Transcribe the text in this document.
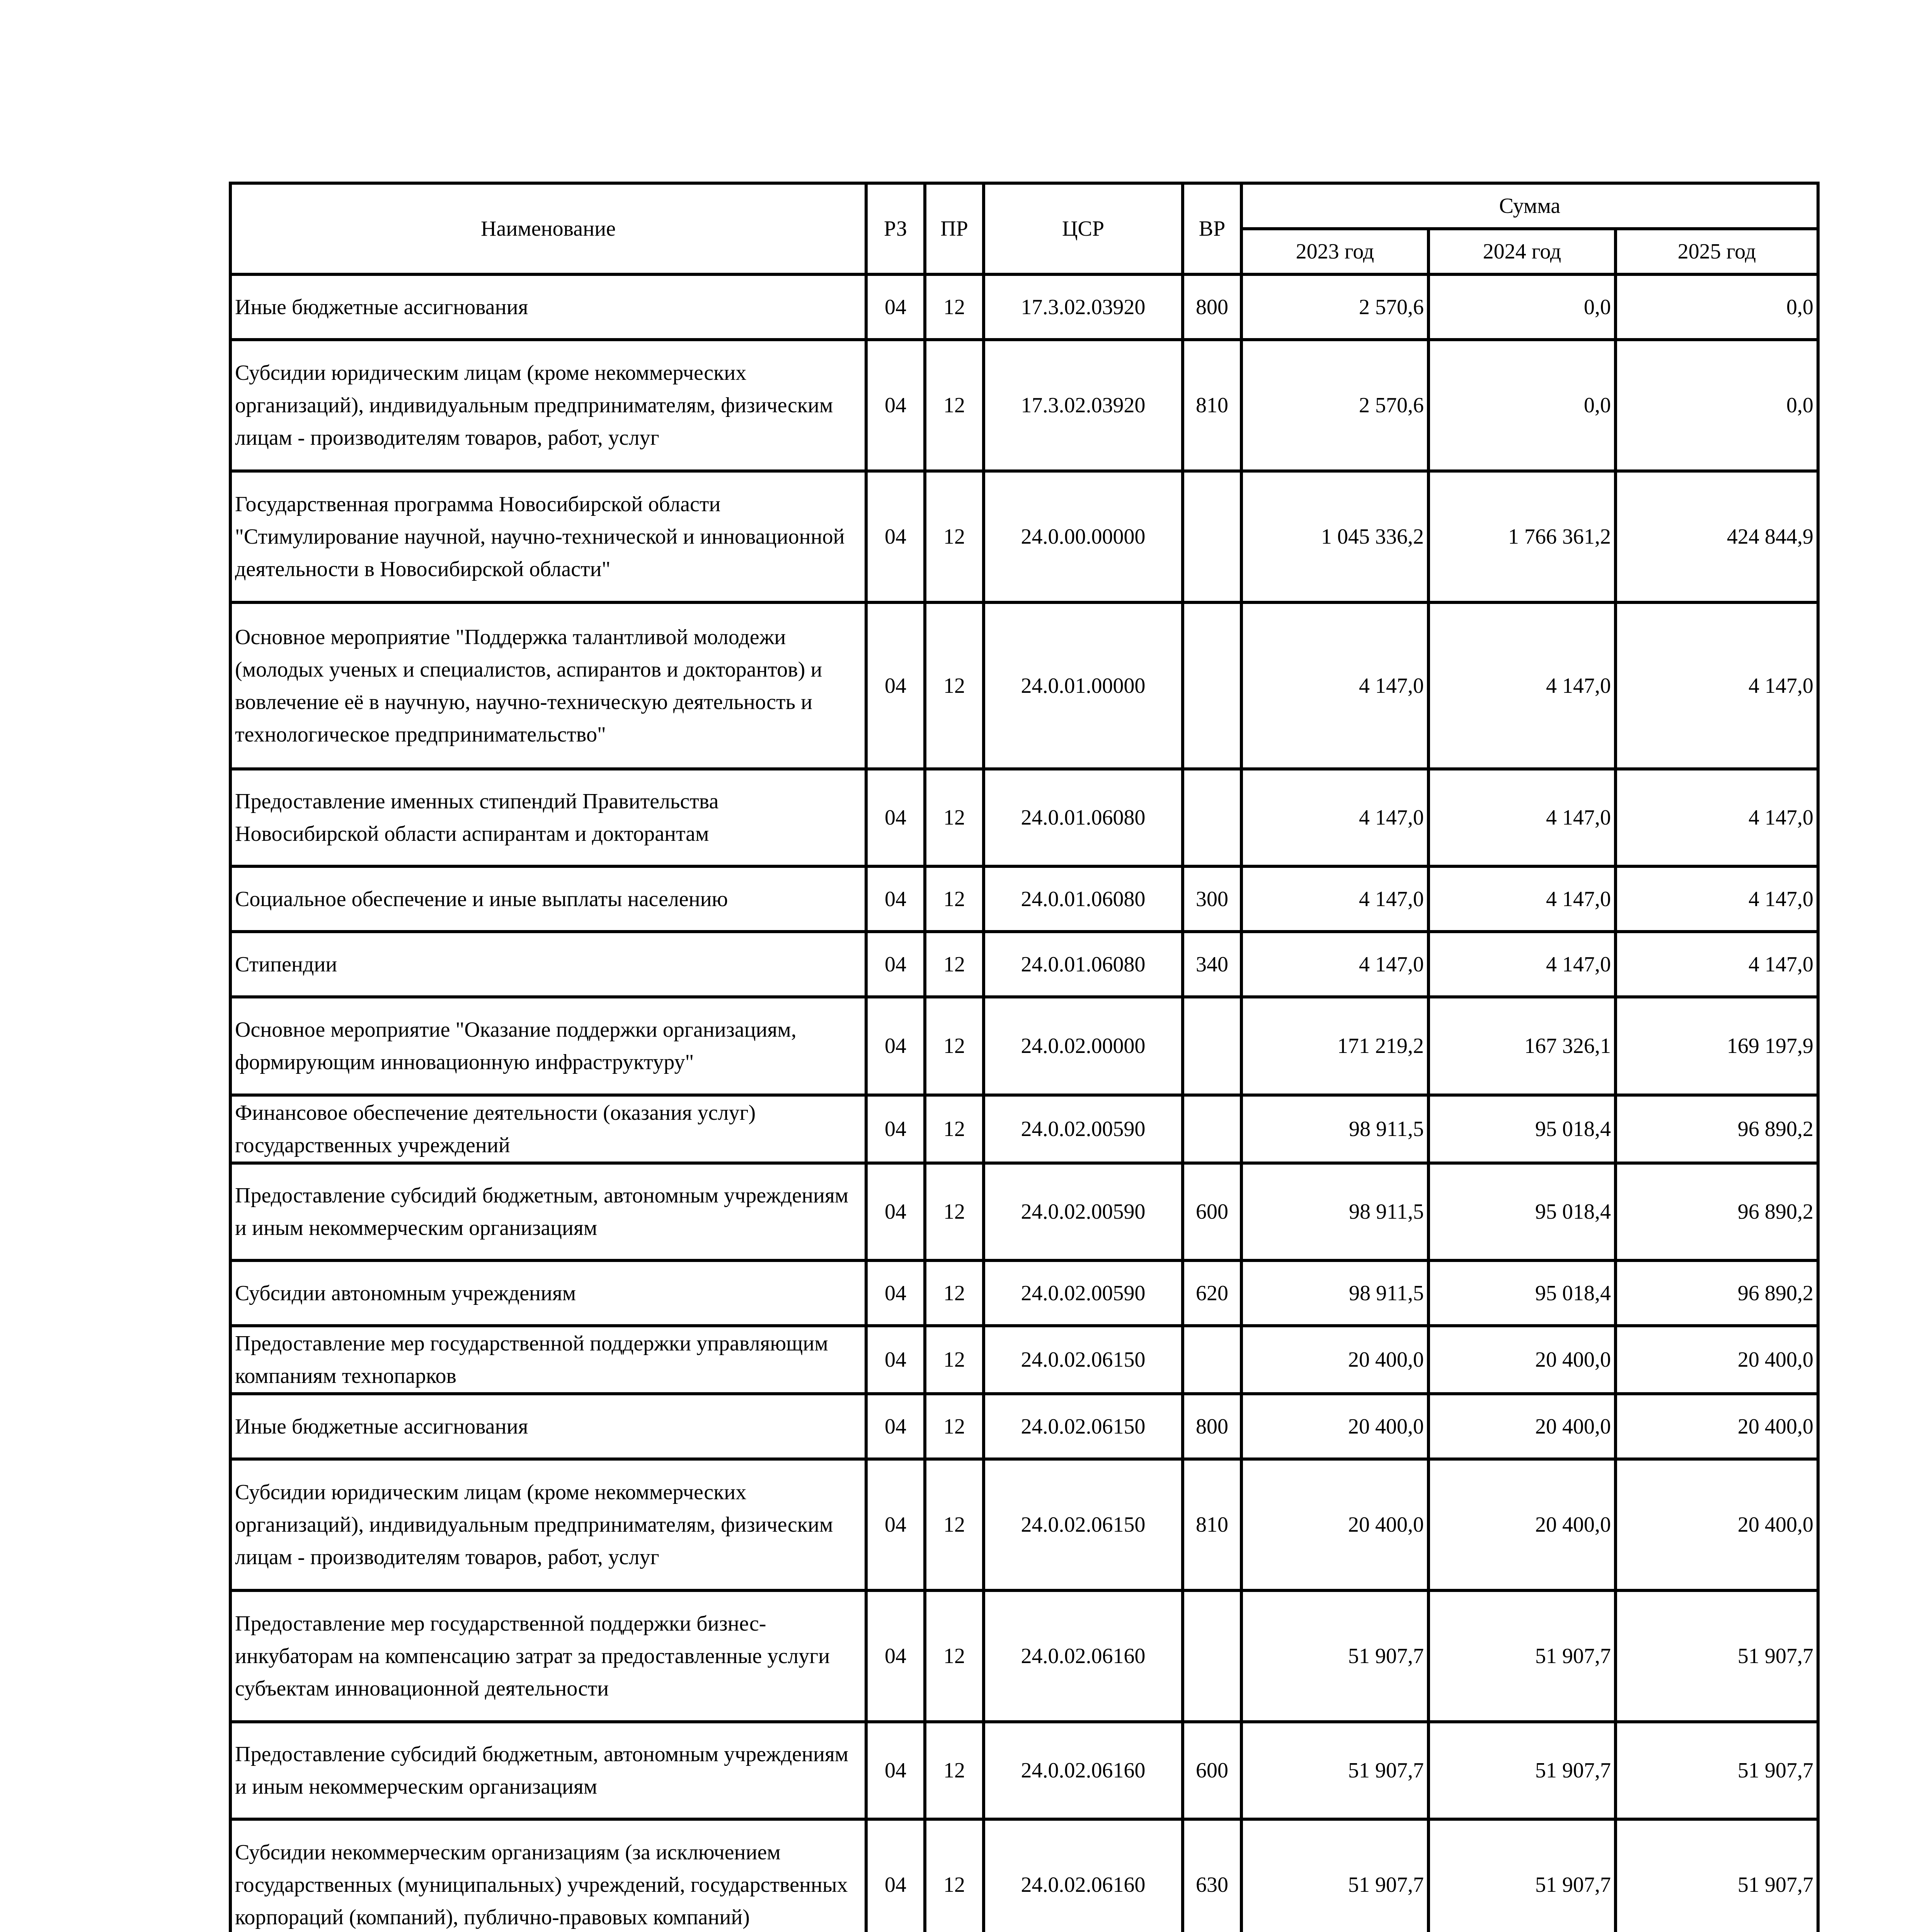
Наименование	РЗ	ПР	ЦСР	ВР	Сумма		
					2023 год	2024 год	2025 год
Иные бюджетные ассигнования	04	12	17.3.02.03920	800	2 570,6	0,0	0,0
Субсидии юридическим лицам (кроме некоммерческих организаций), индивидуальным предпринимателям, физическим лицам - производителям товаров, работ, услуг	04	12	17.3.02.03920	810	2 570,6	0,0	0,0
Государственная программа Новосибирской области "Стимулирование научной, научно-технической и инновационной деятельности в Новосибирской области"	04	12	24.0.00.00000		1 045 336,2	1 766 361,2	424 844,9
Основное мероприятие "Поддержка талантливой молодежи (молодых ученых и специалистов, аспирантов и докторантов) и вовлечение её в научную, научно-техническую деятельность и технологическое предпринимательство"	04	12	24.0.01.00000		4 147,0	4 147,0	4 147,0
Предоставление именных стипендий Правительства Новосибирской области аспирантам и докторантам	04	12	24.0.01.06080		4 147,0	4 147,0	4 147,0
Социальное обеспечение и иные выплаты населению	04	12	24.0.01.06080	300	4 147,0	4 147,0	4 147,0
Стипендии	04	12	24.0.01.06080	340	4 147,0	4 147,0	4 147,0
Основное мероприятие "Оказание поддержки организациям, формирующим инновационную инфраструктуру"	04	12	24.0.02.00000		171 219,2	167 326,1	169 197,9
Финансовое обеспечение деятельности (оказания услуг) государственных учреждений	04	12	24.0.02.00590		98 911,5	95 018,4	96 890,2
Предоставление субсидий бюджетным, автономным учреждениям и иным некоммерческим организациям	04	12	24.0.02.00590	600	98 911,5	95 018,4	96 890,2
Субсидии автономным учреждениям	04	12	24.0.02.00590	620	98 911,5	95 018,4	96 890,2
Предоставление мер государственной поддержки управляющим компаниям технопарков	04	12	24.0.02.06150		20 400,0	20 400,0	20 400,0
Иные бюджетные ассигнования	04	12	24.0.02.06150	800	20 400,0	20 400,0	20 400,0
Субсидии юридическим лицам (кроме некоммерческих организаций), индивидуальным предпринимателям, физическим лицам - производителям товаров, работ, услуг	04	12	24.0.02.06150	810	20 400,0	20 400,0	20 400,0
Предоставление мер государственной поддержки бизнес-инкубаторам на компенсацию затрат за предоставленные услуги субъектам инновационной деятельности	04	12	24.0.02.06160		51 907,7	51 907,7	51 907,7
Предоставление субсидий бюджетным, автономным учреждениям и иным некоммерческим организациям	04	12	24.0.02.06160	600	51 907,7	51 907,7	51 907,7
Субсидии некоммерческим организациям (за исключением государственных (муниципальных) учреждений, государственных корпораций (компаний), публично-правовых компаний)	04	12	24.0.02.06160	630	51 907,7	51 907,7	51 907,7
